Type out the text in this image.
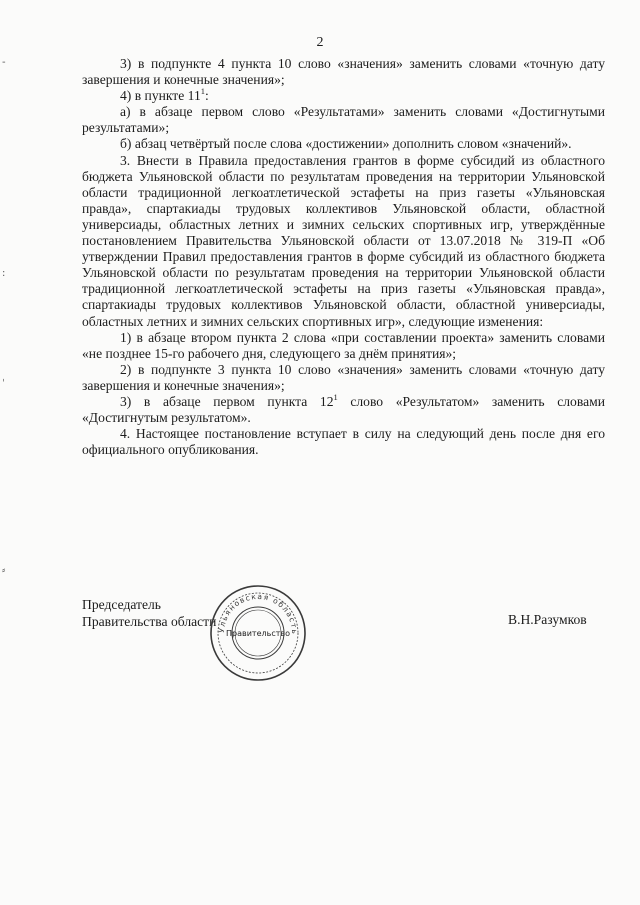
2

3) в подпункте 4 пункта 10 слово «значения» заменить словами «точную дату завершения и конечные значения»;

4) в пункте $11^1$:

а) в абзаце первом слово «Результатами» заменить словами «Достигнутыми результатами»;

б) абзац четвёртый после слова «достижении» дополнить словом «значений».

3. Внести в Правила предоставления грантов в форме субсидий из областного бюджета Ульяновской области по результатам проведения на территории Ульяновской области традиционной легкоатлетической эстафеты на приз газеты «Ульяновская правда», спартакиады трудовых коллективов Ульяновской области, областной универсиады, областных летних и зимних сельских спортивных игр, утверждённые постановлением Правительства Ульяновской области от 13.07.2018 № 319-П «Об утверждении Правил предоставления грантов в форме субсидий из областного бюджета Ульяновской области по результатам проведения на территории Ульяновской области традиционной легкоатлетической эстафеты на приз газеты «Ульяновская правда», спартакиады трудовых коллективов Ульяновской области, областной универсиады, областных летних и зимних сельских спортивных игр», следующие изменения:

1) в абзаце втором пункта 2 слова «при составлении проекта» заменить словами «не позднее 15-го рабочего дня, следующего за днём принятия»;

2) в подпункте 3 пункта 10 слово «значения» заменить словами «точную дату завершения и конечные значения»;

3) в абзаце первом пункта $12^1$ слово «Результатом» заменить словами «Достигнутым результатом».

4. Настоящее постановление вступает в силу на следующий день после дня его официального опубликования.

Председатель
Правительства области	В.Н.Разумков
Ульяновская область
Правительство
‐
:
ˌ
⸗
